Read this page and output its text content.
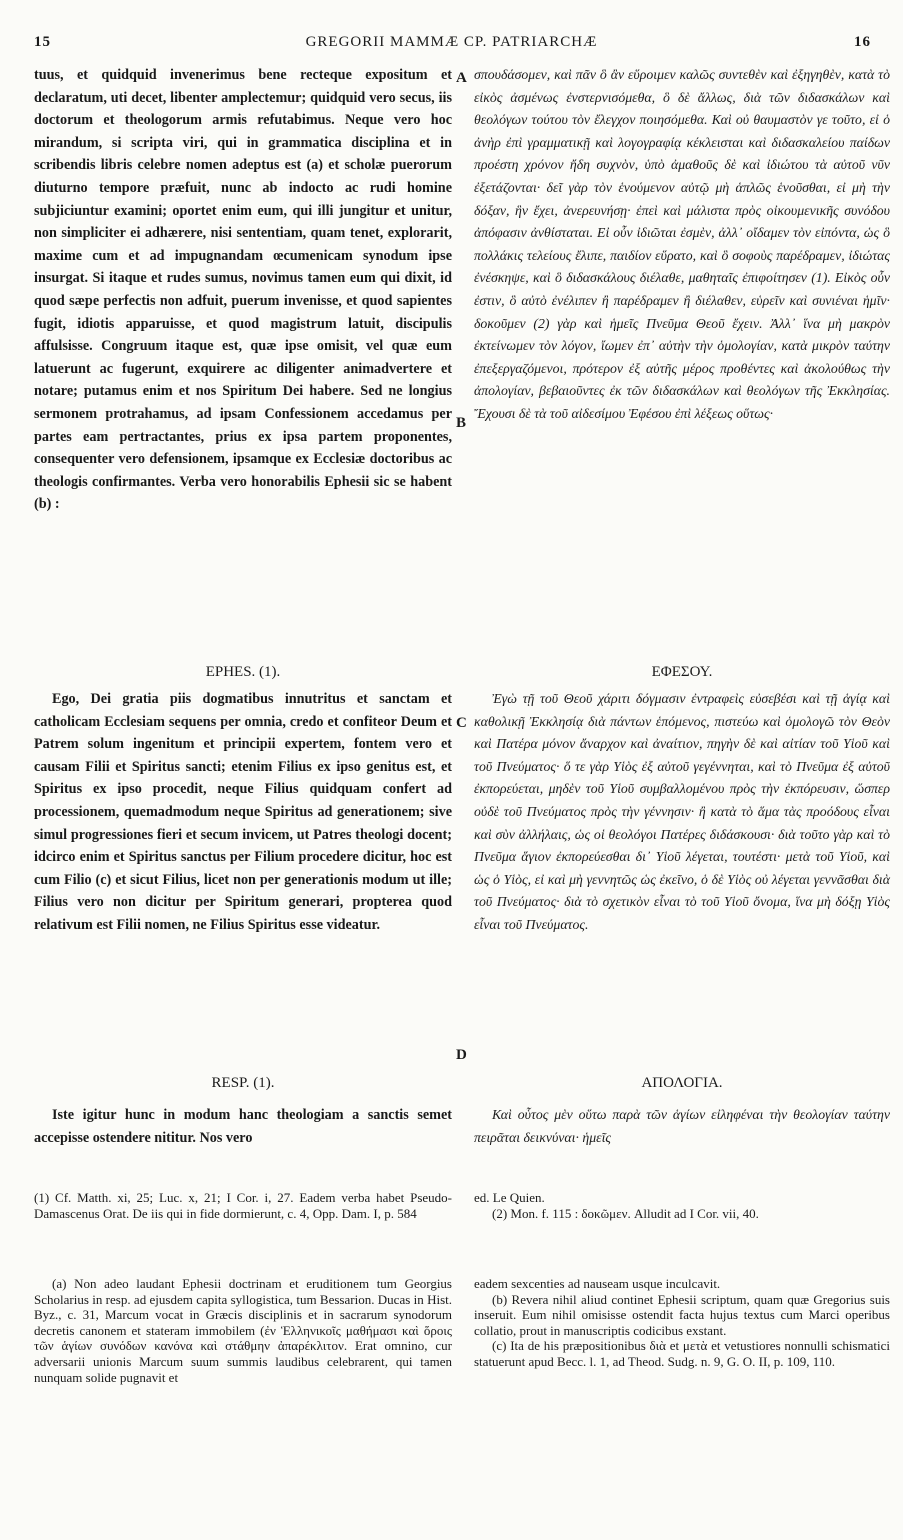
15	GREGORII MAMMÆ CP. PATRIARCHÆ	16
A
B
C
D

tuus, et quidquid invenerimus bene recteque expositum et declaratum, uti decet, libenter amplectemur; quidquid vero secus, iis doctorum et theologorum armis refutabimus. Neque vero hoc mirandum, si scripta viri, qui in grammatica disciplina et in scribendis libris celebre nomen adeptus est (a) et scholæ puerorum diuturno tempore præfuit, nunc ab indocto ac rudi homine subjiciuntur examini; oportet enim eum, qui illi jungitur et unitur, non simpliciter ei adhærere, nisi sententiam, quam tenet, explorarit, maxime cum et ad impugnandam œcumenicam synodum ipse insurgat. Si itaque et rudes sumus, novimus tamen eum qui dixit, id quod sæpe perfectis non adfuit, puerum invenisse, et quod sapientes fugit, idiotis apparuisse, et quod magistrum latuit, discipulis affulsisse. Congruum itaque est, quæ ipse omisit, vel quæ eum latuerunt ac fugerunt, exquirere ac diligenter animadvertere et notare; putamus enim et nos Spiritum Dei habere. Sed ne longius sermonem protrahamus, ad ipsam Confessionem accedamus per partes eam pertractantes, prius ex ipsa partem proponentes, consequenter vero defensionem, ipsamque ex Ecclesiæ doctoribus ac theologis confirmantes. Verba vero honorabilis Ephesii sic se habent (b) :

EPHES. (1).

Ego, Dei gratia piis dogmatibus innutritus et sanctam et catholicam Ecclesiam sequens per omnia, credo et confiteor Deum et Patrem solum ingenitum et principii expertem, fontem vero et causam Filii et Spiritus sancti; etenim Filius ex ipso genitus est, et Spiritus ex ipso procedit, neque Filius quidquam confert ad processionem, quemadmodum neque Spiritus ad generationem; sive simul progressiones fieri et secum invicem, ut Patres theologi docent; idcirco enim et Spiritus sanctus per Filium procedere dicitur, hoc est cum Filio (c) et sicut Filius, licet non per generationis modum ut ille; Filius vero non dicitur per Spiritum generari, propterea quod relativum est Filii nomen, ne Filius Spiritus esse videatur.

RESP. (1).

Iste igitur hunc in modum hanc theologiam a sanctis semet accepisse ostendere nititur. Nos vero

(1) Cf. Matth. xi, 25; Luc. x, 21; I Cor. i, 27. Eadem verba habet Pseudo-Damascenus Orat. De iis qui in fide dormierunt, c. 4, Opp. Dam. I, p. 584

σπουδάσομεν, καὶ πᾶν ὃ ἂν εὕροιμεν καλῶς συντεθὲν καὶ ἐξηγηθὲν, κατὰ τὸ εἰκὸς ἀσμένως ἐνστερνισόμεθα, ὃ δὲ ἄλλως, διὰ τῶν διδασκάλων καὶ θεολόγων τούτου τὸν ἔλεγχον ποιησόμεθα. Καὶ οὐ θαυμαστὸν γε τοῦτο, εἰ ὁ ἀνὴρ ἐπὶ γραμματικῇ καὶ λογογραφίᾳ κέκλεισται καὶ διδασκαλείου παίδων προέστη χρόνον ἤδη συχνὸν, ὑπὸ ἀμαθοῦς δὲ καὶ ἰδιώτου τὰ αὐτοῦ νῦν ἐξετάζονται· δεῖ γὰρ τὸν ἑνούμενον αὐτῷ μὴ ἁπλῶς ἑνοῦσθαι, εἰ μὴ τὴν δόξαν, ἣν ἔχει, ἀνερευνήσῃ· ἐπεὶ καὶ μάλιστα πρὸς οἰκουμενικῆς συνόδου ἀπόφασιν ἀνθίσταται. Εἰ οὖν ἰδιῶται ἐσμὲν, ἀλλ᾽ οἴδαμεν τὸν εἰπόντα, ὡς ὃ πολλάκις τελείους ἔλιπε, παιδίον εὕρατο, καὶ ὃ σοφοὺς παρέδραμεν, ἰδιώτας ἐνέσκηψε, καὶ ὃ διδασκάλους διέλαθε, μαθηταῖς ἐπιφοίτησεν (1). Εἰκὸς οὖν ἐστιν, ὃ αὐτὸ ἐνέλιπεν ἢ παρέδραμεν ἢ διέλαθεν, εὑρεῖν καὶ συνιέναι ἡμῖν· δοκοῦμεν (2) γὰρ καὶ ἡμεῖς Πνεῦμα Θεοῦ ἔχειν. Ἀλλ᾽ ἵνα μὴ μακρὸν ἐκτείνωμεν τὸν λόγον, ἴωμεν ἐπ᾽ αὐτὴν τὴν ὁμολογίαν, κατὰ μικρὸν ταύτην ἐπεξεργαζόμενοι, πρότερον ἐξ αὐτῆς μέρος προθέντες καὶ ἀκολούθως τὴν ἀπολογίαν, βεβαιοῦντες ἐκ τῶν διδασκάλων καὶ θεολόγων τῆς Ἐκκλησίας. Ἔχουσι δὲ τὰ τοῦ αἰδεσίμου Ἐφέσου ἐπὶ λέξεως οὕτως·

ΕΦΕΣΟΥ.

Ἐγὼ τῇ τοῦ Θεοῦ χάριτι δόγμασιν ἐντραφεὶς εὐσεβέσι καὶ τῇ ἁγίᾳ καὶ καθολικῇ Ἐκκλησίᾳ διὰ πάντων ἑπόμενος, πιστεύω καὶ ὁμολογῶ τὸν Θεὸν καὶ Πατέρα μόνον ἄναρχον καὶ ἀναίτιον, πηγὴν δὲ καὶ αἰτίαν τοῦ Υἱοῦ καὶ τοῦ Πνεύματος· ὅ τε γὰρ Υἱὸς ἐξ αὐτοῦ γεγέννηται, καὶ τὸ Πνεῦμα ἐξ αὐτοῦ ἐκπορεύεται, μηδὲν τοῦ Υἱοῦ συμβαλλομένου πρὸς τὴν ἐκπόρευσιν, ὥσπερ οὐδὲ τοῦ Πνεύματος πρὸς τὴν γέννησιν· ἢ κατὰ τὸ ἅμα τὰς προόδους εἶναι καὶ σὺν ἀλλήλαις, ὡς οἱ θεολόγοι Πατέρες διδάσκουσι· διὰ τοῦτο γὰρ καὶ τὸ Πνεῦμα ἅγιον ἐκπορεύεσθαι δι᾽ Υἱοῦ λέγεται, τουτέστι· μετὰ τοῦ Υἱοῦ, καὶ ὡς ὁ Υἱὸς, εἰ καὶ μὴ γεννητῶς ὡς ἐκεῖνο, ὁ δὲ Υἱὸς οὐ λέγεται γεννᾶσθαι διὰ τοῦ Πνεύματος· διὰ τὸ σχετικὸν εἶναι τὸ τοῦ Υἱοῦ ὄνομα, ἵνα μὴ δόξῃ Υἱὸς εἶναι τοῦ Πνεύματος.

ΑΠΟΛΟΓΙΑ.

Καὶ οὗτος μὲν οὕτω παρὰ τῶν ἁγίων εἰληφέναι τὴν θεολογίαν ταύτην πειρᾶται δεικνύναι· ἡμεῖς

ed. Le Quien.

(2) Mon. f. 115 : δοκῶμεν. Alludit ad I Cor. vii, 40.

(a) Non adeo laudant Ephesii doctrinam et eruditionem tum Georgius Scholarius in resp. ad ejusdem capita syllogistica, tum Bessarion. Ducas in Hist. Byz., c. 31, Marcum vocat in Græcis disciplinis et in sacrarum synodorum decretis canonem et stateram immobilem (ἐν Ἑλληνικοῖς μαθήμασι καὶ ὅροις τῶν ἁγίων συνόδων κανόνα καὶ στάθμην ἀπαρέκλιτον. Erat omnino, cur adversarii unionis Marcum suum summis laudibus celebrarent, qui tamen nunquam solide pugnavit et

eadem sexcenties ad nauseam usque inculcavit.

(b) Revera nihil aliud continet Ephesii scriptum, quam quæ Gregorius suis inseruit. Eum nihil omisisse ostendit facta hujus textus cum Marci operibus collatio, prout in manuscriptis codicibus exstant.

(c) Ita de his præpositionibus διὰ et μετὰ et vetustiores nonnulli schismatici statuerunt apud Becc. l. 1, ad Theod. Sudg. n. 9, G. O. II, p. 109, 110.
